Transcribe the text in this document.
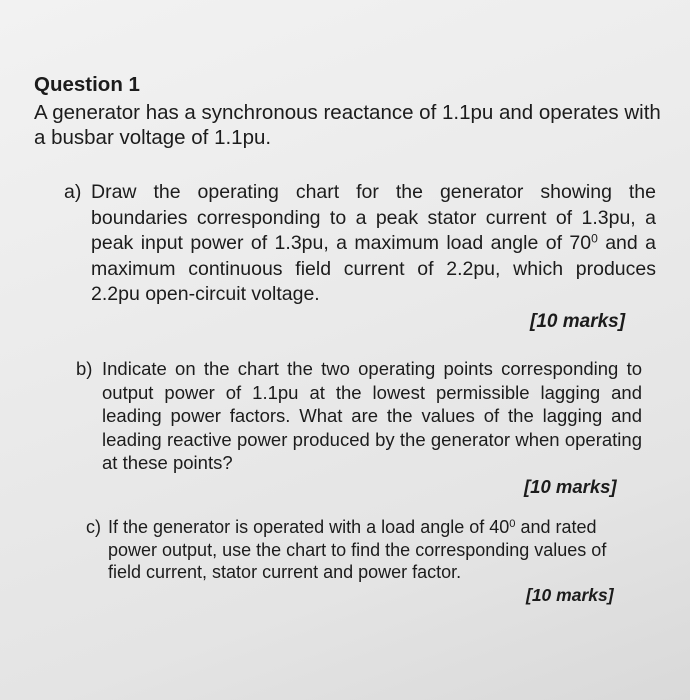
Question 1

A generator has a synchronous reactance of 1.1pu and operates with a busbar voltage of 1.1pu.

a) Draw the operating chart for the generator showing the boundaries corresponding to a peak stator current of 1.3pu, a peak input power of 1.3pu, a maximum load angle of $70^0$ and a maximum continuous field current of 2.2pu, which produces 2.2pu open-circuit voltage.
[10 marks]
b) Indicate on the chart the two operating points corresponding to output power of 1.1pu at the lowest permissible lagging and leading power factors. What are the values of the lagging and leading reactive power produced by the generator when operating at these points?
[10 marks]
c) If the generator is operated with a load angle of $40^0$ and rated power output, use the chart to find the corresponding values of field current, stator current and power factor.
[10 marks]
